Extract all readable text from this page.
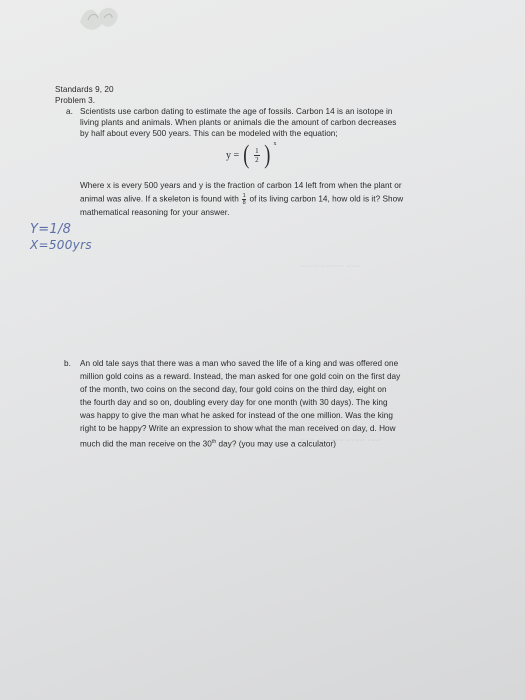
Standards 9, 20
Problem 3.
a. Scientists use carbon dating to estimate the age of fossils. Carbon 14 is an isotope in
living plants and animals. When plants or animals die the amount of carbon decreases
by half about every 500 years. This can be modeled with the equation;
y = ( $\frac{1}{2}$ ) x
Where x is every 500 years and y is the fraction of carbon 14 left from when the plant or
animal was alive. If a skeleton is found with $\frac{1}{8}$ of its living carbon 14, how old is it? Show
mathematical reasoning for your answer.
Y=1/8
X=500yrs
~~~ ~~~~~ ~~~~
b. An old tale says that there was a man who saved the life of a king and was offered one
million gold coins as a reward. Instead, the man asked for one gold coin on the first day
of the month, two coins on the second day, four gold coins on the third day, eight on
the fourth day and so on, doubling every day for one month (with 30 days). The king
was happy to give the man what he asked for instead of the one million. Was the king
right to be happy? Write an expression to show what the man received on day, d. How
much did the man receive on the 30th day? (you may use a calculator)
~~~ ~~~~ ~~~~~~ ~~~
